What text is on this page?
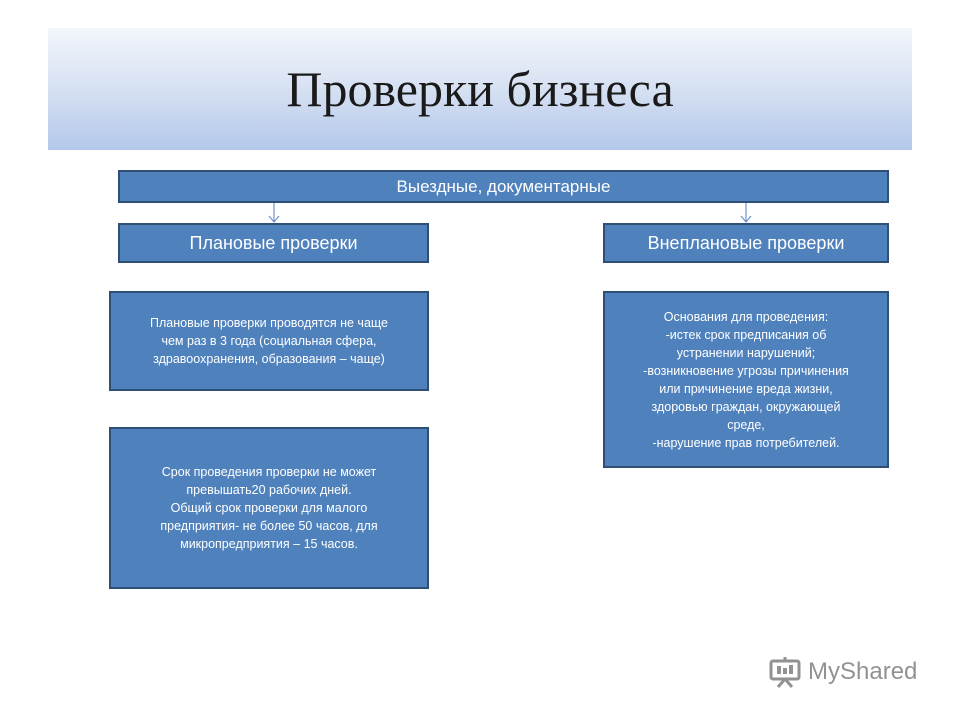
Проверки бизнеса
Выездные, документарные
Плановые проверки	Внеплановые проверки
Плановые проверки проводятся не чаще
чем раз в 3 года (социальная сфера,
здравоохранения, образования – чаще)
Срок проведения проверки не может
превышать20 рабочих дней.
Общий срок проверки для малого
предприятия- не более 50 часов, для
микропредприятия – 15 часов.
Основания для проведения:
-истек срок предписания об
устранении нарушений;
-возникновение угрозы причинения
или причинение вреда жизни,
здоровью граждан, окружающей
среде,
-нарушение прав потребителей.
MyShared
